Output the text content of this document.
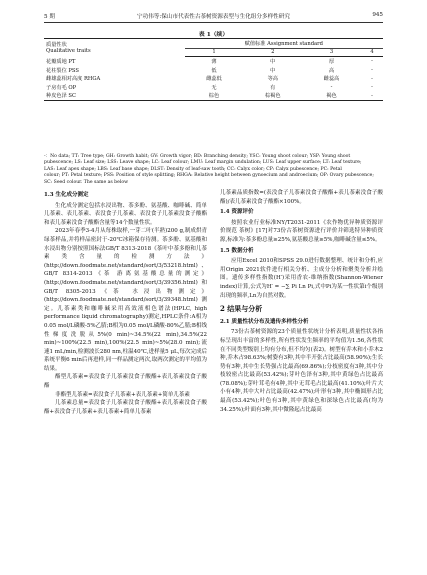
5 期	宁功伟等:保山市代表性古茶树资源表型与生化组分多样性研究	945
表 1（续）
质量性状
Qualitative traits	赋值标准 Assignment standard			
	1	2	3	4
花瓣质地 PT	薄	中	厚	-
花柱裂位 PSS	低	中	高	-
雌雄蕊相对高度 RHGA	雌蕊低	等高	雌蕊高	-
子房有毛 OP	无	有	-	-
种皮色泽 SC	棕色	棕褐色	褐色	-
-：No data; TT: Tree type; GH: Growth habit; GV: Growth vigor; BD: Branching density; YSC: Young shoot colour; YSP: Young shoot
pubescence; LS: Leaf size; LSS: Leave shape; LC: Leaf colour; LMU: Leaf margin undulation; LUS: Leaf upper surface; LT: Leaf texture;
LAS: Leaf apex shape; LBS: Leaf base shape; DLST: Density of leaf-saw tooth; CC: Calyx color; CP: Calyx pubescence; PC: Petal
colour; PT: Petal texture; PSS: Position of style splitting; RHGA: Relative height between gynoecium and androecium; OP: Ovary pubescence;
SC: Seed colour. The same as below

1.3 生化成分测定

生化成分测定包括水浸出物、茶多酚、氨基酸、咖啡碱、简单儿茶素、表儿茶素、表没食子儿茶素、表没食子儿茶素没食子酸酯和表儿茶素没食子酸酯含量等14个数量性状。

2023年春季3-4月从每株取样,一芽二叶(半熟)200 g,制成烘青绿茶样品,并将样品密封于-20℃冰箱保存待测。茶多酚、氨基酸和水浸出物分别按照国标法GB/T 8313-2018《茶叶中茶多酚和儿茶素类含量的检测方法》(http://down.foodmate.net/standard/sort/3/53218.html)、GB/T 8314-2013《茶 游离氨基酸总量的测定》(http://down.foodmate.net/standard/sort/3/39356.html)和GB/T 8305-2013《茶 水浸出物测定》(http://down.foodmate.net/standard/sort/3/39348.html)测定。儿茶素类和咖啡碱采用高效液相色谱法(HPLC, high performance liquid chromatography)测定,HPLC条件:A相为0.05 mol/L磷酸-5%乙腈;B相为0.05 mol/L磷酸-80%乙腈;B相线性梯度洗脱从5%(0 min)~34.5%(22 min),34.5%(22 min)~100%(22.5 min),100%(22.5 min)~5%(28.0 min);流速1 mL/min,检测波长280 nm,柱温40℃,进样量5 μL,每次完成后系统平衡6 min后再进样,同一样品测定两次,取两次测定的平均值为结果。

酯型儿茶素=表没食子儿茶素没食子酸酯+表儿茶素没食子酸酯

非酯型儿茶素=表没食子儿茶素+表儿茶素+简单儿茶素

儿茶素总量=表没食子儿茶素没食子酸酯+表儿茶素没食子酸酯+表没食子儿茶素+表儿茶素+简单儿茶素

儿茶素品质指数=(表没食子儿茶素没食子酸酯+表儿茶素没食子酸酯)/表儿茶素没食子酸酯×100%。

1.4 资源评价

按照农业行业标准NY/T2031-2011《农作物优异种质资源评价规范 茶树》[17]对73份古茶树资源进行评价并筛选特异种质资源,标准为:茶多酚总量≥25%,氨基酸总量≥5%,咖啡碱含量≤5%。

1.5 数据分析

应用Excel 2010和SPSS 29.0进行数据整理、统计和分析,应用Origin 2021软件进行相关分析、主成分分析和聚类分析并绘图。遗传多样性指数(H′)采用香农-维纳指数(Shannon-Wiener index)计算,公式为H′ = −∑ Pi Ln Pi,式中Pi为某一性状第i个级别出现的频率,Ln为自然对数。

2 结果与分析

2.1 质量性状分布及遗传多样性分析

73份古茶树资源的23个质量性状统计分析表明,质量性状各指标呈现出丰富的多样性,所有性状发生频率的平均值为1.56,各性状在不同类型级别上均有分布,但不均匀(表2)。树型有乔木和小乔木2种,乔木占98.63%;树姿有3种,其中半开张占比最高(58.90%);生长势有3种,其中生长势强占比最高(69.86%);分枝密度有3种,其中分枝较密占比最高(53.42%);芽叶色泽有3种,其中黄绿色占比最高(78.08%);芽叶茸毛有4种,其中无茸毛占比最高(41.10%);叶片大小有4种,其中大叶占比最高(42.47%);叶形有3种,其中椭圆形占比最高(53.42%);叶色有3种,其中黄绿色和深绿色占比最高(均为34.25%);叶面有3种,其中微隆起占比最高
